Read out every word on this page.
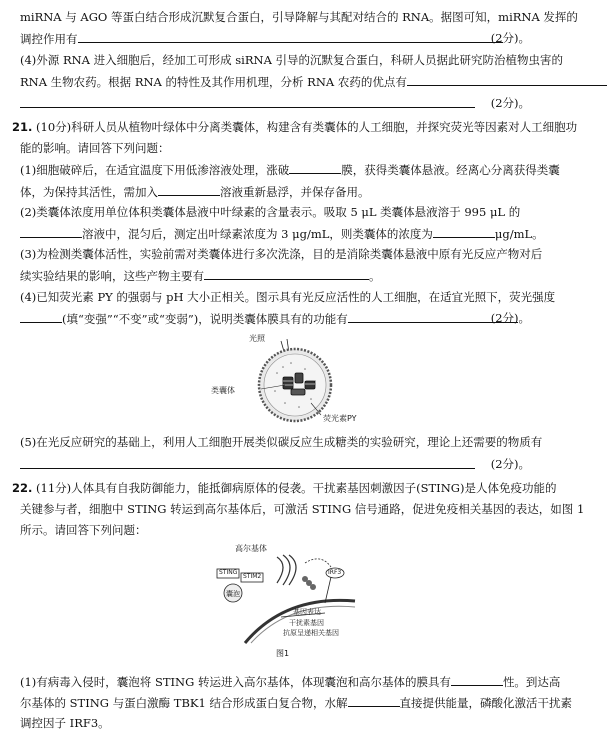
miRNA 与 AGO 等蛋白结合形成沉默复合蛋白，引导降解与其配对结合的 RNA。据图可知，miRNA 发挥的
调控作用有	(2分)。
(4)外源 RNA 进入细胞后，经加工可形成 siRNA 引导的沉默复合蛋白，科研人员据此研究防治植物虫害的
RNA 生物农药。根据 RNA 的特性及其作用机理，分析 RNA 农药的优点有
(2分)。
21. (10分)科研人员从植物叶绿体中分离类囊体，构建含有类囊体的人工细胞，并探究荧光等因素对人工细胞功
能的影响。请回答下列问题：
(1)细胞破碎后，在适宜温度下用低渗溶液处理，涨破	膜，获得类囊体悬液。经离心分离获得类囊
体，为保持其活性，需加入	溶液重新悬浮，并保存备用。
(2)类囊体浓度用单位体积类囊体悬液中叶绿素的含量表示。吸取 5 μL 类囊体悬液溶于 995 μL 的
溶液中，混匀后，测定出叶绿素浓度为 3 μg/mL，则类囊体的浓度为	μg/mL。
(3)为检测类囊体活性，实验前需对类囊体进行多次洗涤，目的是消除类囊体悬液中原有光反应产物对后
续实验结果的影响，这些产物主要有	。
(4)已知荧光素 PY 的强弱与 pH 大小正相关。图示具有光反应活性的人工细胞，在适宜光照下，荧光强度
(填“变强”“不变”或“变弱”)，说明类囊体膜具有的功能有	(2分)。
光照
类囊体
荧光素PY
(5)在光反应研究的基础上，利用人工细胞开展类似碳反应生成糖类的实验研究，理论上还需要的物质有
(2分)。
22. (11分)人体具有自我防御能力，能抵御病原体的侵袭。干扰素基因刺激因子(STING)是人体免疫功能的
关键参与者，细胞中 STING 转运到高尔基体后，可激活 STING 信号通路，促进免疫相关基因的表达，如图 1
所示。请回答下列问题：
高尔基体
STING
STIM2
囊泡
IRF3
基因表达
干扰素基因
抗原呈递相关基因
图1
(1)有病毒入侵时，囊泡将 STING 转运进入高尔基体，体现囊泡和高尔基体的膜具有	性。到达高
尔基体的 STING 与蛋白激酶 TBK1 结合形成蛋白复合物，水解	直接提供能量，磷酸化激活干扰素
调控因子 IRF3。
